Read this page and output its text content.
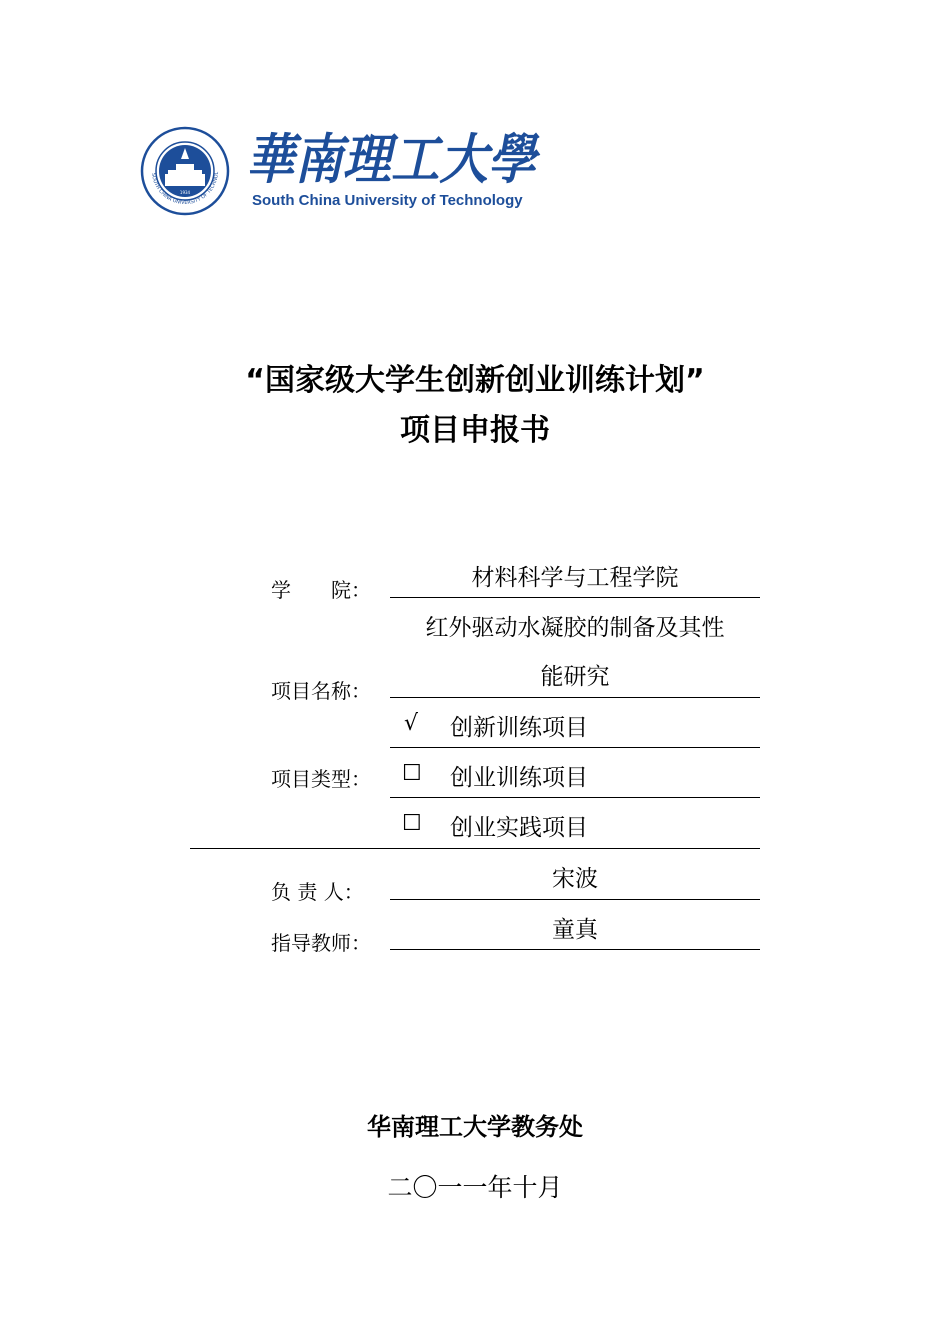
1934
SOUTH CHINA UNIVERSITY OF TECHNOL 華南理工大學
South China University of Technology
“国家级大学生创新创业训练计划”
项目申报书
学  院：	材料科学与工程学院
红外驱动水凝胶的制备及其性
项目名称：
能研究
√ 创新训练项目
项目类型： ☐ 创业训练项目
☐ 创业实践项目
宋波
负 责 人：
童真
指导教师：
华南理工大学教务处
二〇一一年十月
